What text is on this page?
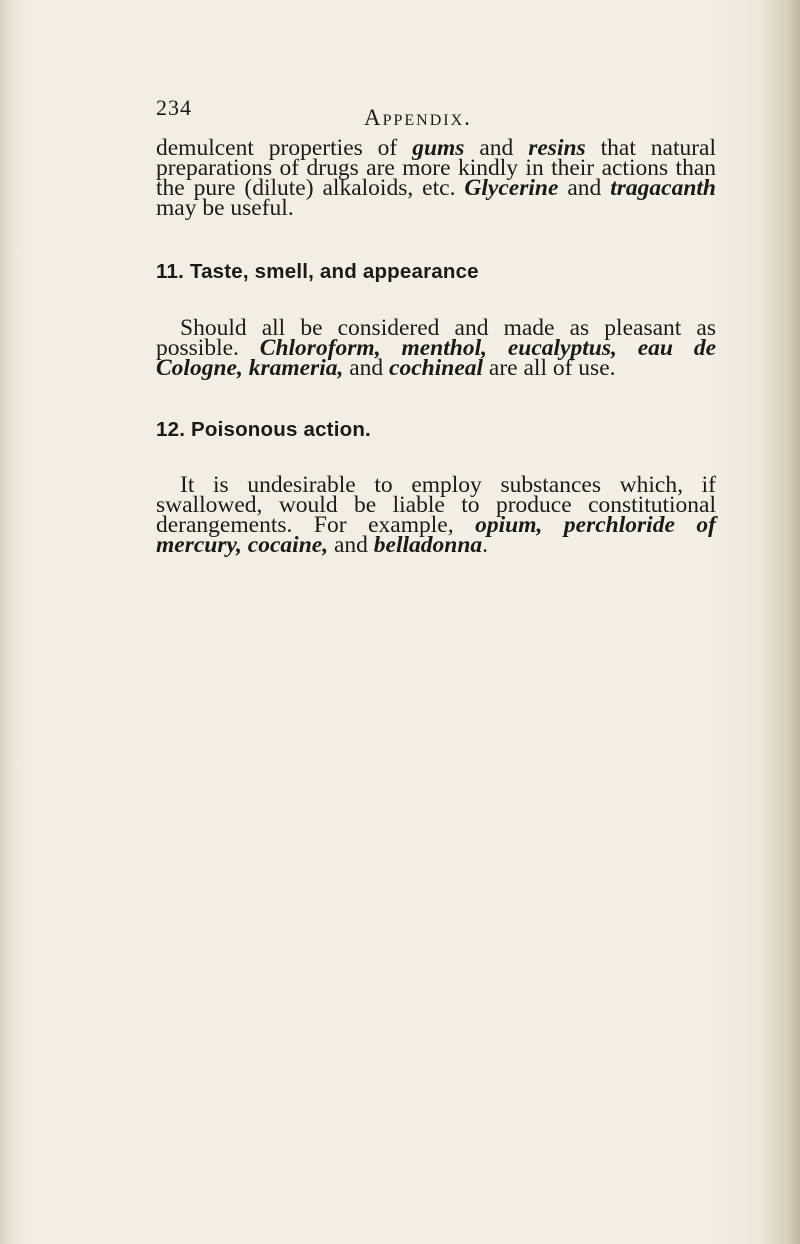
234	Appendix.

demulcent properties of gums and resins that natural preparations of drugs are more kindly in their actions than the pure (dilute) alkaloids, etc. Glycerine and tragacanth may be useful.

11. Taste, smell, and appearance

Should all be considered and made as pleasant as possible. Chloroform, menthol, eucalyptus, eau de Cologne, krameria, and cochineal are all of use.

12. Poisonous action.

It is undesirable to employ substances which, if swallowed, would be liable to produce constitutional derangements. For example, opium, perchloride of mercury, cocaine, and belladonna.
